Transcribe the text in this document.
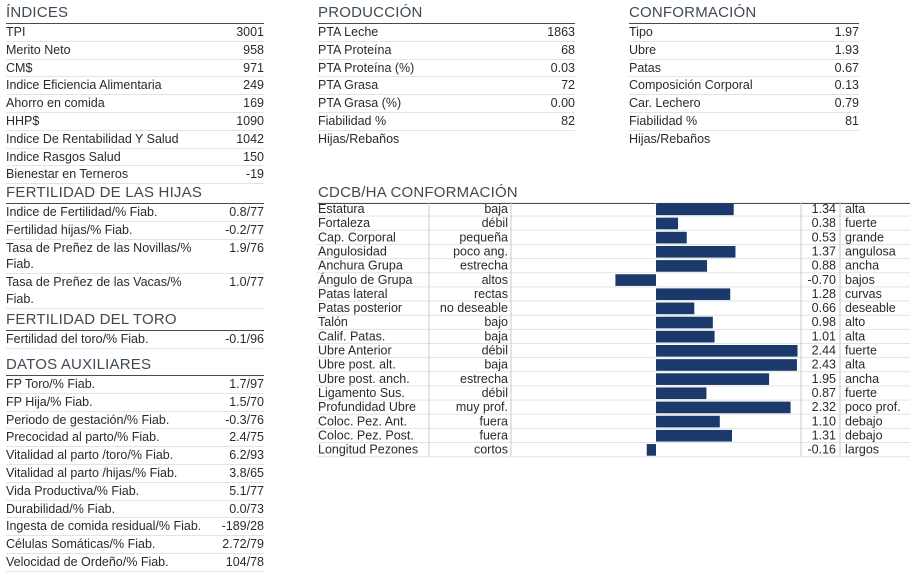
ÍNDICES
TPI	3001
Merito Neto	958
CM$	971
Indice Eficiencia Alimentaria	249
Ahorro en comida	169
HHP$	1090
Indice De Rentabilidad Y Salud	1042
Indice Rasgos Salud	150
Bienestar en Terneros	-19
PRODUCCIÓN
PTA Leche	1863
PTA Proteína	68
PTA Proteína (%)	0.03
PTA Grasa	72
PTA Grasa (%)	0.00
Fiabilidad %	82
Hijas/Rebaños
CONFORMACIÓN
Tipo	1.97
Ubre	1.93
Patas	0.67
Composición Corporal	0.13
Car. Lechero	0.79
Fiabilidad %	81
Hijas/Rebaños
FERTILIDAD DE LAS HIJAS
Indice de Fertilidad/% Fiab.	0.8/77
Fertilidad hijas/% Fiab.	-0.2/77
Tasa de Preñez de las Novillas/% Fiab.
1.9/76
Tasa de Preñez de las Vacas/% Fiab.
1.0/77
FERTILIDAD DEL TORO
Fertilidad del toro/% Fiab.	-0.1/96
DATOS AUXILIARES
FP Toro/% Fiab.	1.7/97
FP Hija/% Fiab.	1.5/70
Periodo de gestación/% Fiab.	-0.3/76
Precocidad al parto/% Fiab.	2.4/75
Vitalidad al parto /toro/% Fiab.	6.2/93
Vitalidad al parto /hijas/% Fiab.	3.8/65
Vida Productiva/% Fiab.	5.1/77
Durabilidad/% Fiab.	0.0/73
Ingesta de comida residual/% Fiab.	-189/28
Células Somáticas/% Fiab.	2.72/79
Velocidad de Ordeño/% Fiab.	104/78
CDCB/HA CONFORMACIÓN
Estatura	baja	1.34 alta
Fortaleza	débil	0.38 fuerte
Cap. Corporal	pequeña	0.53 grande
Angulosidad	poco ang.	1.37 angulosa
Anchura Grupa	estrecha	0.88 ancha
Ángulo de Grupa	altos	-0.70 bajos
Patas lateral	rectas	1.28 curvas
Patas posterior	no deseable	0.66 deseable
Talón	bajo	0.98 alto
Calif. Patas.	baja	1.01 alta
Ubre Anterior	débil	2.44 fuerte
Ubre post. alt.	baja	2.43 alta
Ubre post. anch.	estrecha	1.95 ancha
Ligamento Sus.	débil	0.87 fuerte
Profundidad Ubre	muy prof.	2.32 poco prof.
Coloc. Pez. Ant.	fuera	1.10 debajo
Coloc. Pez. Post.	fuera	1.31 debajo
Longitud Pezones	cortos	-0.16 largos
